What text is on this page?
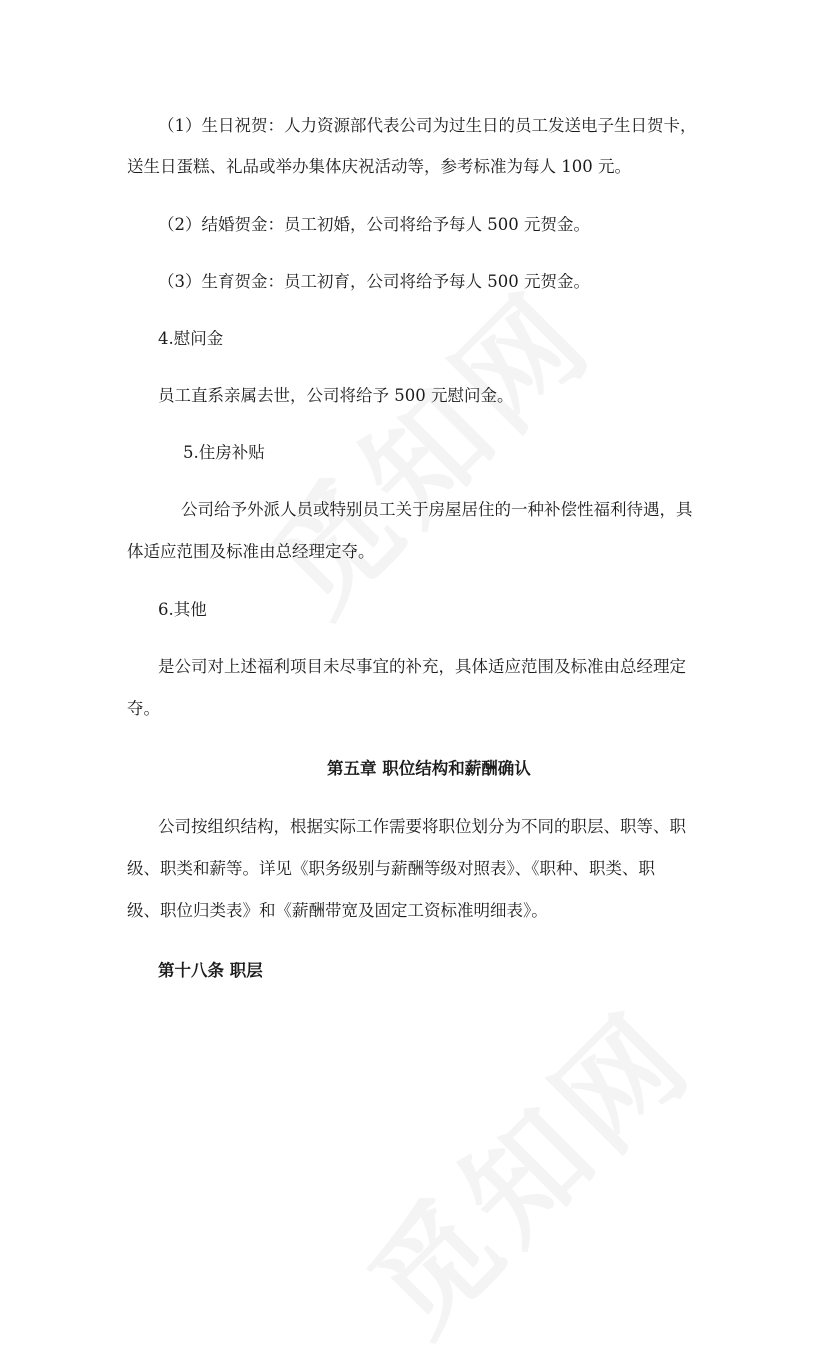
（1）生日祝贺：人力资源部代表公司为过生日的员工发送电子生日贺卡，
送生日蛋糕、礼品或举办集体庆祝活动等，参考标准为每人 100 元。
（2）结婚贺金：员工初婚，公司将给予每人 500 元贺金。
（3）生育贺金：员工初育，公司将给予每人 500 元贺金。
4.慰问金
员工直系亲属去世，公司将给予 500 元慰问金。
5.住房补贴
公司给予外派人员或特别员工关于房屋居住的一种补偿性福利待遇，具
体适应范围及标准由总经理定夺。
6.其他
是公司对上述福利项目未尽事宜的补充，具体适应范围及标准由总经理定
夺。
第五章 职位结构和薪酬确认
公司按组织结构，根据实际工作需要将职位划分为不同的职层、职等、职
级、职类和薪等。详见《职务级别与薪酬等级对照表》、《职种、职类、职
级、职位归类表》和《薪酬带宽及固定工资标准明细表》。
第十八条 职层
